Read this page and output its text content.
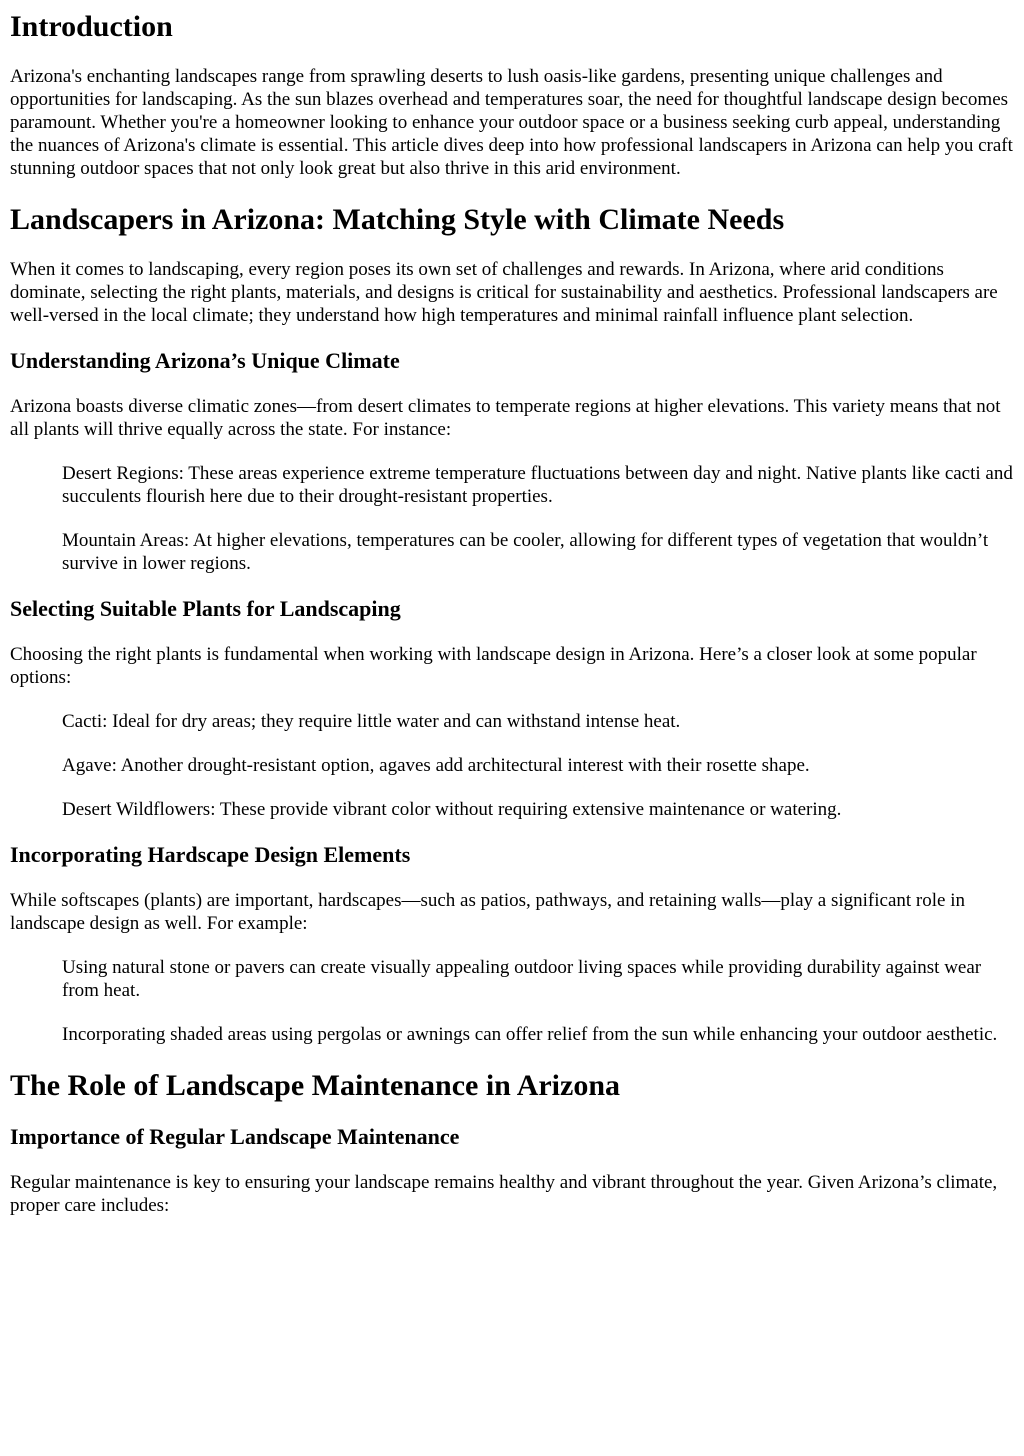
Introduction

Arizona's enchanting landscapes range from sprawling deserts to lush oasis-like gardens, presenting unique challenges and opportunities for landscaping. As the sun blazes overhead and temperatures soar, the need for thoughtful landscape design becomes paramount. Whether you're a homeowner looking to enhance your outdoor space or a business seeking curb appeal, understanding the nuances of Arizona's climate is essential. This article dives deep into how professional landscapers in Arizona can help you craft stunning outdoor spaces that not only look great but also thrive in this arid environment.

Landscapers in Arizona: Matching Style with Climate Needs

When it comes to landscaping, every region poses its own set of challenges and rewards. In Arizona, where arid conditions dominate, selecting the right plants, materials, and designs is critical for sustainability and aesthetics. Professional landscapers are well-versed in the local climate; they understand how high temperatures and minimal rainfall influence plant selection.

Understanding Arizona’s Unique Climate

Arizona boasts diverse climatic zones—from desert climates to temperate regions at higher elevations. This variety means that not all plants will thrive equally across the state. For instance:

Desert Regions: These areas experience extreme temperature fluctuations between day and night. Native plants like cacti and succulents flourish here due to their drought-resistant properties.
Mountain Areas: At higher elevations, temperatures can be cooler, allowing for different types of vegetation that wouldn’t survive in lower regions.
Selecting Suitable Plants for Landscaping

Choosing the right plants is fundamental when working with landscape design in Arizona. Here’s a closer look at some popular options:

Cacti: Ideal for dry areas; they require little water and can withstand intense heat.
Agave: Another drought-resistant option, agaves add architectural interest with their rosette shape.
Desert Wildflowers: These provide vibrant color without requiring extensive maintenance or watering.
Incorporating Hardscape Design Elements

While softscapes (plants) are important, hardscapes—such as patios, pathways, and retaining walls—play a significant role in landscape design as well. For example:

Using natural stone or pavers can create visually appealing outdoor living spaces while providing durability against wear from heat.
Incorporating shaded areas using pergolas or awnings can offer relief from the sun while enhancing your outdoor aesthetic.
The Role of Landscape Maintenance in Arizona
Importance of Regular Landscape Maintenance

Regular maintenance is key to ensuring your landscape remains healthy and vibrant throughout the year. Given Arizona’s climate, proper care includes:
